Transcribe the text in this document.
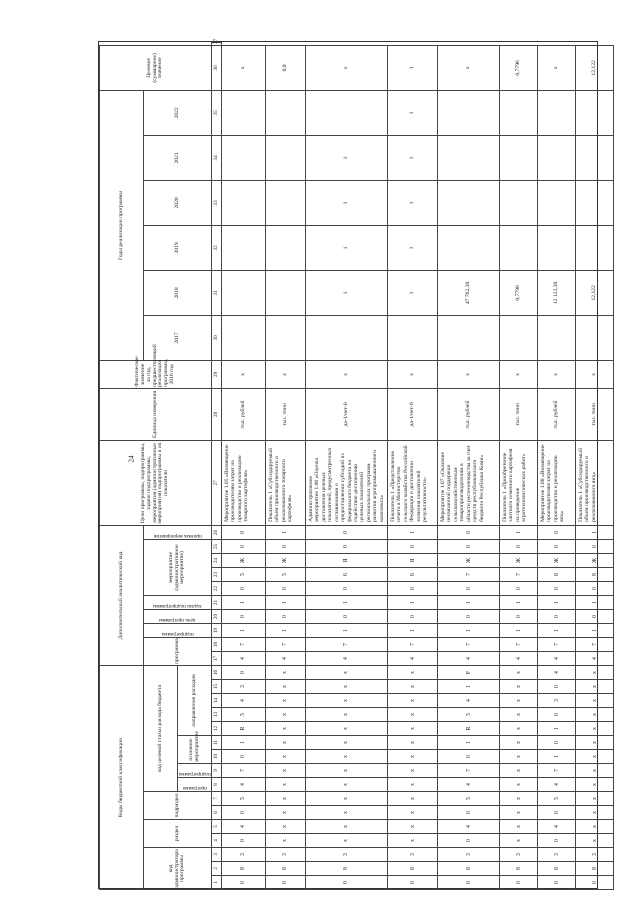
24
Коды бюджетной классификации																Дополнительный аналитический код										Цели программы, подпрограммы, задачи подпрограммы, мероприятия (административные мероприятия) подпрограммы и их показатели	Единица измерения	Фактическое значение за год, предшествующий реализации программы, 2016 год	Годы реализации программы						Целевое (суммарное) значение	
код администратора программы			раздел		подраздел		код целевой статьи расхода бюджета									программа		подпрограмма	цель программы	задачи подпрограммы	мероприятие (административное мероприятие)				признак мероприятия				2017	2018	2019	2020	2021	2022		

							программа	подпрограмма	основное мероприятие		направление расходов																									
1	2	3	4	5	6	7	8	9	10	11	12	13	14	15	16	17	18	19	20	21	22	23	24	25	26	27	28	29	30	31	32	33	34	35	36	37
0	8	3	0	4	0	5	4	7	0	1	R	5	4	3	0	4	7	1	0	1	0	5	Ж	0	0	Мероприятие 1.05 «Возмещение производителям затрат на производство и реализацию товарного картофеля»	тыс. рублей	х							х	
0	8	3	х	х	х	х	х	х	х	х	х	х	х	х	х	4	7	1	0	1	0	5	Ж	0	1	Показатель 1 «Субсидируемый объем производственного и реализованного товарного картофеля»	тыс. тонн	х							0,0	
0	8	3	х	х	х	х	х	х	х	х	х	х	х	х	х	4	7	1	0	1	0	6	Я	0	0	Административное мероприятие 1.06 «Оценка достижения целевых показателей, предусмотренных соглашениями о предоставлении субсидий из федерального бюджета на содействие достижению целевых показателей региональных программ развития агропромышленного комплекса»	да-1/нет-0	х		1	1	1	1		х	
0	8	3	х	х	х	х	х	х	х	х	х	х	х	х	х	4	7	1	0	1	0	6	Я	0	1	Показатель 1 «Представление отчета в Министерство сельского хозяйства Российской Федерации о достижении значения показателей результативности»	да-1/нет-0	х		1	1	1	1	1	1	
0	8	3	0	4	0	5	4	7	0	1	R	5	4	1	F	4	7	1	0	1	0	7	Ж	0	0	Мероприятие 1.07 «Оказание несвязанной поддержки сельскохозяйственным товаропроизводителям в области растениеводства за счет средств республиканского бюджета Республики Коми»	тыс. рублей	х		47 762,30					х	
0	8	3	х	х	х	х	х	х	х	х	х	х	х	х	х	4	7	1	0	1	0	7	Ж	0	1	Показатель 1 «Приобретение элитного семенного картофеля на проведение агротехнологических работ»	тыс. тонн	х		0,7796					0,7796	
0	8	3	0	4	0	5	4	7	1	0	1	0	3	0	4	4	7	1	0	1	0	8	Ж	0	0	Мероприятие 1.08 «Возмещение производителям затрат на производство и реализацию яиц»	тыс. рублей	х		12 122,30					х	
0	8	3	х	х	х	х	х	х	х	х	х	х	х	х	х	4	7	1	0	1	0	8	Ж	0	1	Показатель 1 «Субсидируемый объем производственного и реализованного яиц»	тыс. тонн	х		12,122					12,122	
